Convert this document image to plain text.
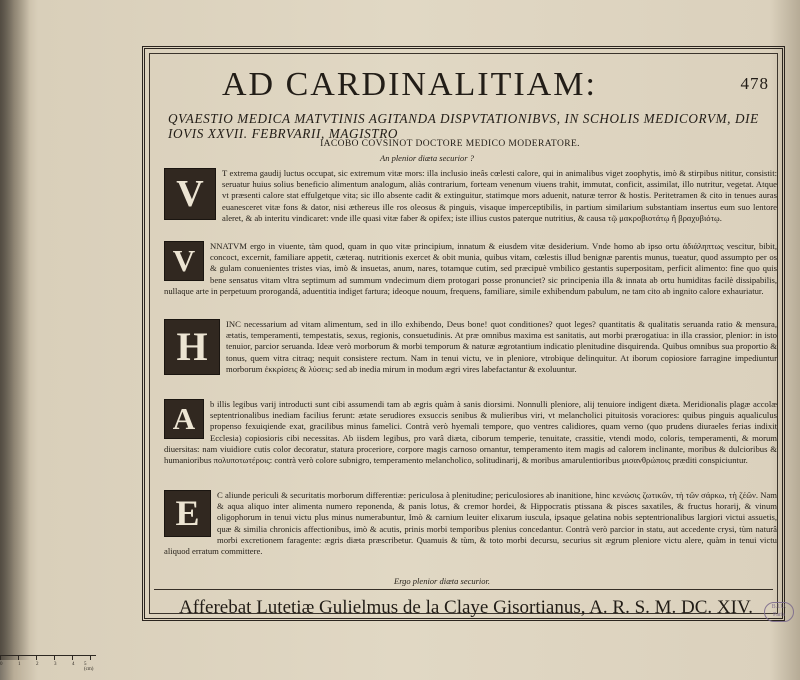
478
AD CARDINALITIAM:
QVAESTIO MEDICA MATVTINIS AGITANDA DISPVTATIONIBVS, IN SCHOLIS MEDICORVM, DIE IOVIS XXVII. FEBRVARII, MAGISTRO
IACOBO COVSINOT DOCTORE MEDICO MODERATORE.
An plenior diæta securior ?
V	T extrema gaudij luctus occupat, sic extremum vitæ mors: illa inclusio ineâs cœlesti calore, qui in animalibus viget zoophytis, imò & stirpibus nititur, consistit: seruatur huius solius beneficio alimentum analogum, aliàs contrarium, forteam venenum viuens trahit, immutat, conficit, assimilat, illo nutritur, vegetat. Atque vt præsenti calore stat effulgetque vita; sic illo absente cadit & extinguitur, statimque mors aduenit, naturæ terror & hostis. Peritetramen & cito in tenues auras euanesceret vitæ fons & dator, nisi æthereus ille ros oleosus & pinguis, visaque imperceptibilis, in partium similarium substantiam insertus eum suo lentore aleret, & ab interitu vindicaret: vnde ille quasi vitæ faber & opifex; iste illius custos paterque nutritius, & causa τῷ μακροβιοτάτῳ ἢ βραχυβιότῳ.
V	NNATVM ergo in viuente, tàm quod, quam in quo vitæ principium, innatum & eiusdem vitæ desiderium. Vnde homo ab ipso ortu ἀδιάληπτως vescitur, bibit, concoct, excernit, familiare appetit, cæteraq. nutritionis exercet & obit munia, quibus vitam, cœlestis illud benignæ parentis munus, tueatur, quod assumpto per os & gulam conuenientes tristes vias, imò & insuetas, anum, nares, totamque cutim, sed præcipuè vmbilico gestantis superpositam, perficit alimento: fine quo quis bene sensatus vitam vltra septimum ad summum vndecimum diem protogari posse pronunciet? sic principenia illa & innata ab ortu humiditas facilè dissipabilis, nullaque arte in perpetuum prorogandá, aduentitia indiget fartura; ideoque nouum, frequens, familiare, simile exhibendum pabulum, ne tam cito ab ingnito calore exhauriatur.
H	INC necessarium ad vitam alimentum, sed in illo exhibendo, Deus bone! quot conditiones? quot leges? quantitatis & qualitatis seruanda ratio & mensura, ætatis, temperamenti, tempestatis, sexus, regionis, consuetudinis. At præ omnibus maxima est sanitatis, aut morbi prærogatiua: in illa crassior, plenior: in isto tenuior, parcior seruanda. Ideæ verò morborum & morbi temporum & naturæ ægrotantium indicatio plenitudine disquirenda. Quibus omnibus sua proportio & tonus, quem vitra citraq; nequit consistere rectum. Nam in tenui victu, ve in pleniore, vtrobique delinquitur. At iborum copiosiore farragine impediuntur morborum ἐκκρίσεις & λύσεις: sed ab inedia mirum in modum ægri vires labefactantur & exoluuntur.
A	b illis legibus varij introducti sunt cibi assumendi tam ab ægris quàm à sanis diorsimi. Nonnulli pleniore, alij tenuiore indigent diæta. Meridionalis plagæ accolæ septentrionalibus inediam facilius ferunt: ætate serudiores exsuccis senibus & mulieribus viri, vt melancholici pituitosis voraciores: quibus pinguis aqualiculus propenso fexuiqiende exat, gracilibus minus famelici. Contrà verò hyemali tempore, quo ventres calidiores, quam verno (quo prudens diuraeles ferias indixit Ecclesia) copiosioris cibi necessitas. Ab iisdem legibus, pro varâ diæta, ciborum temperie, tenuitate, crassitie, vtendi modo, coloris, temperamenti, & morum diuersitas: nam viuidiore cutis color decoratur, statura proceriore, corpore magis carnoso ornantur, temperamento item magis ad calorem inclinante, moribus & dulcioribus & humanioribus πολυποτωτέροις: contrà verò colore subnigro, temperamento melancholico, solitudinarij, & moribus amarulentioribus μισανθρώποις præditi conspiciuntur.
E	C aliunde periculi & securitatis morborum differentiæ: periculosa à plenitudine; periculosiores ab inanitione, hinc κενώσις ζωτικῶν, τὴ τῶν σάρκω, τὴ ζέῶν. Nam & aqua aliquo inter alimenta numero reponenda, & panis lotus, & cremor hordei, & Hippocratis ptissana & pisces saxatiles, & fructus horarij, & vinum oligophorum in tenui victu plus minus numerabuntur, Imò & carnium leuiter elixarum iuscula, ipsaque gelatina nobis septentrionalibus largiori victui assuetis, quæ & similia chronicis affectionibus, imò & acutis, prinis morbi temporibus plenius concedantur. Contrà verò parcior in statu, aut accedente crysi, tùm naturâ morbi excretionem faragente: ægris diæta præscribetur. Quamuis & tùm, & toto morbi decursu, securius sit ægrum pleniore victu alere, quàm in tenui victu aliquod erratum committere.
Ergo plenior diæta securior.
Afferebat Lutetiæ Gulielmus de la Claye Gisortianus, A. R. S. M. DC. XIV.	B.I.U. Paris
0	1	2	3	4 5 (cm)
